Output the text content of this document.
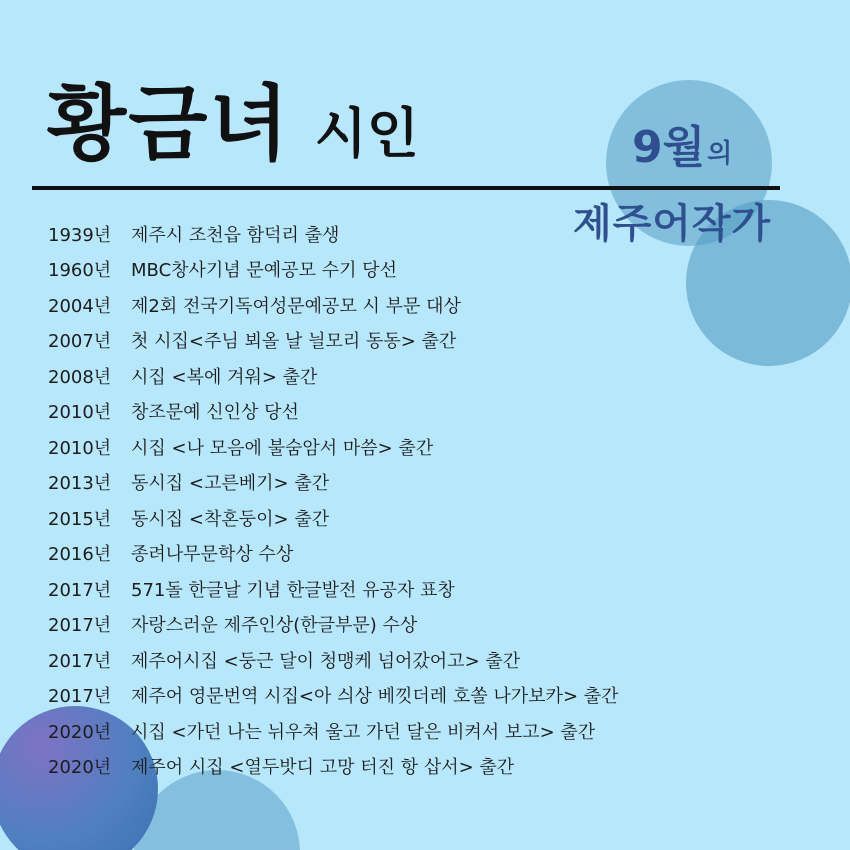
황금녀 시인	9월의
제주어작가
1939년	제주시 조천읍 함덕리 출생
1960년	MBC창사기념 문예공모 수기 당선
2004년	제2회 전국기독여성문예공모 시 부문 대상
2007년	첫 시집<주님 뵈올 날 늴모리 동동> 출간
2008년	시집 <복에 겨워> 출간
2010년	창조문예 신인상 당선
2010년	시집 <나 모음에 불숨암서 마씀> 출간
2013년	동시집 <고른베기> 출간
2015년	동시집 <착혼둥이> 출간
2016년	종려나무문학상 수상
2017년	571돌 한글날 기념 한글발전 유공자 표창
2017년	자랑스러운 제주인상(한글부문) 수상
2017년	제주어시집 <둥근 달이 청맹케 넘어갔어고> 출간
2017년	제주어 영문번역 시집<아 싀상 베낏더레 호쏠 나가보카> 출간
2020년	시집 <가던 나는 뉘우쳐 울고 가던 달은 비켜서 보고> 출간
2020년	제주어 시집 <열두밧디 고망 터진 항 삽서> 출간
